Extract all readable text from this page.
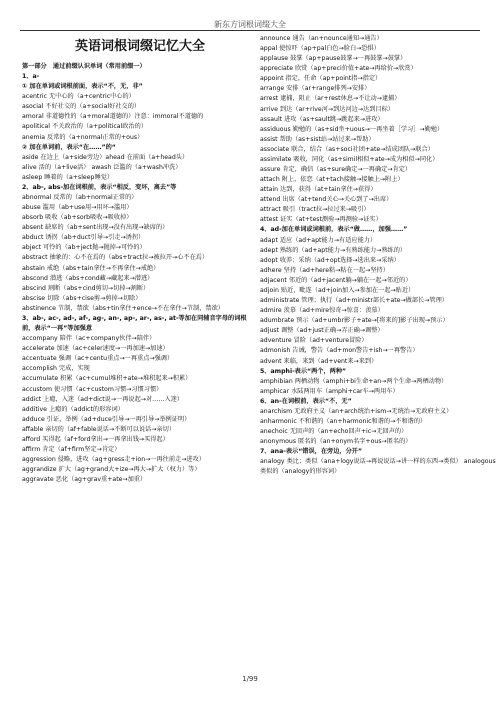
新东方词根词缀大全
英语词根词缀记忆大全
第一部分　通过前缀认识单词（常用前缀一）
1、a-
① 加在单词或词根前面，表示“不，无，非”
acentric 无中心的（a+centric中心的）
asocial 不好社交的（a+social好社交的）
amoral 非道德性的（a+moral道德的）注意：immoral不道德的
apolitical 不关政治的（a+political政治的）
anemia 反常的（a+normal正常的+ous）
② 加在单词前，表示“在……”的“
aside 在边上（a+side旁边）ahead 在前面（a+head头）
alive 活的（a+live活） awash 泛滥的（a+wash冲洗）
asleep 睡着的（a+sleep睡觉）
2、ab-, abs-加在词根前，表示“相反，变坏，离去”等
abnormal 反常的（ab+normal正常的）
abuse 滥用（ab+use用→用坏→滥用）
absorb 吸收（ab+sorb吸收→吸收掉）
absent 缺席的（ab+sent出现→没有出现→缺席的）
abduct 诱拐（ab+duct引导→引走→诱拐）
abject 可怜的（ab+ject抛→抛掉→可怜的）
abstract 抽象的：心不在焉的（abs+tract拉→被拉开→心不在焉）
abstain 戒绝（abs+tain拿住→不再拿住→戒绝）
abscond 潜逃（abs+cond藏→藏起来→潜逃）
abscind 割断（abs+cind剪切→切掉→割断）
abscise 切除（abs+cise剪→剪掉→切除）
abstinence 节制，禁欲（abs+tin拿住+ence→不在拿住→节制，禁欲）
3、ab-, ac-, ad-, af-, ag-, an-, ap-, ar-, as-, at-等加在同辅音字母的词根前，表示“一再”等加强意
accompany 陪伴（ac+company伙伴→陪伴）
accelerate 加速（ac+celer速度→一再加速→加速）
accentuate 强调（ac+centu重点→一再重点→强调）
accomplish 完成，实现
accumulate 积累（ac+cumul堆积+ate→堆积起来→积累）
accustom 使习惯（ac+custom习惯→习惯习惯）
addict 上瘾，入迷（ad+dict说→一再说起→对……入迷）
additive 上瘾的（addict的形容词）
adduce 引证，举例（ad+duce引导→一再引导→举例证明）
affable 亲切的（af+fable说话→不断可以说话→亲切）
afford 买得起（af+ford拿出→一再拿出钱→买得起）
affirm 肯定（af+firm坚定→肯定）
aggression 侵略，进攻（ag+gress走+ion→一再往前走→进攻）
aggrandize 扩大（ag+grand大+ize→再大→扩大（权力）等）
aggravate 恶化（ag+grav重+ate→加重）
announce 通告（an+nounce通知→通告）
appal 使惊吓（ap+pal白色→脸白→恐惧）
applause 鼓掌（ap+pause鼓掌→一再鼓掌→鼓掌）
appreciate 欣赏（ap+preci价值+ate→再给价→欣赏）
appoint 指定，任命（ap+point指→指定）
arrange 安排（ar+range排列→安排）
arrest 逮捕，阻止（ar+rest休息→不让动→逮捕）
arrive 到达（ar+rive河→到达河边→达到目标）
assault 进攻（as+sault跳→跳起来→进攻）
assiduous 勤勉的（as+sid坐+uous→一再坐着［学习］→勤勉）
assist 帮助（as+sist站→站过来→帮助）
associate 联合，结合（as+soci社团+ate→结成团队→联合）
assimilate 吸收，同化（as+simil相似+ate→成为相似→同化）
assure 肯定，确信（as+sure确定→一再确定→肯定）
attach 附上，依恋（at+tach接触→接触上→附上）
attain 达到，获得（at+tain拿住→获得）
attend 出席（at+tend关心→关心到了→出席）
attract 吸引（tract拉→拉过来→吸引）
attest 证实（at+test测验→再测验→证实）
4、ad-加在单词或词根前，表示“做……，加强……”
adapt 适应（ad+apt能力→有适应能力）
adept 熟练的（ad+apt能力→有熟练能力→熟练的）
adopt 收养；采纳（ad+opt选择→选出来→采纳）
adhere 坚持（ad+here粘→粘在一起→坚持）
adjacent 邻近的（ad+jacent躺→躺在一起→邻近的）
adjoin 贴近，毗连（ad+join加入→参加在一起→贴近）
administrate 管理；执行（ad+ministr部长+ate→做部长→管理）
admire 羡慕（ad+mire惊奇→惊喜：羡慕）
adumbrate 预示（ad+umbr影子+ate→[将来的]影子出现→预示）
adjust 调整（ad+just正确→弄正确→调整）
adventure 冒险（ad+venture冒险）
admonish 告诫，警告（ad+mon警告+ish→一再警告）
advent 来临，来到（ad+vent来→来到）
5、amphi-表示“两个，两种”
amphibian 两栖动物（amphi+bi生命+an→两个生命→两栖动物）
amphicar 水陆两用车（amphi+car车→两用车）
6、an-在词根前，表示“不，无”
anarchism 无政府主义（an+arch统治+ism→无统治→无政府主义）
anharmonic 不和谐的（an+harmonic和谐的→不和谐的）
anechoic 无回声的（an+echo回声+ic→无回声的）
anonymous 匿名的（an+onym名字+ous→匿名的）
7、ana-表示“错误，在旁边，分开”
analogy 类比；类似（ana+logy说话→再说说话→讲一样的东西→类似） analogous类似的（analogy的形容词）
1/99
